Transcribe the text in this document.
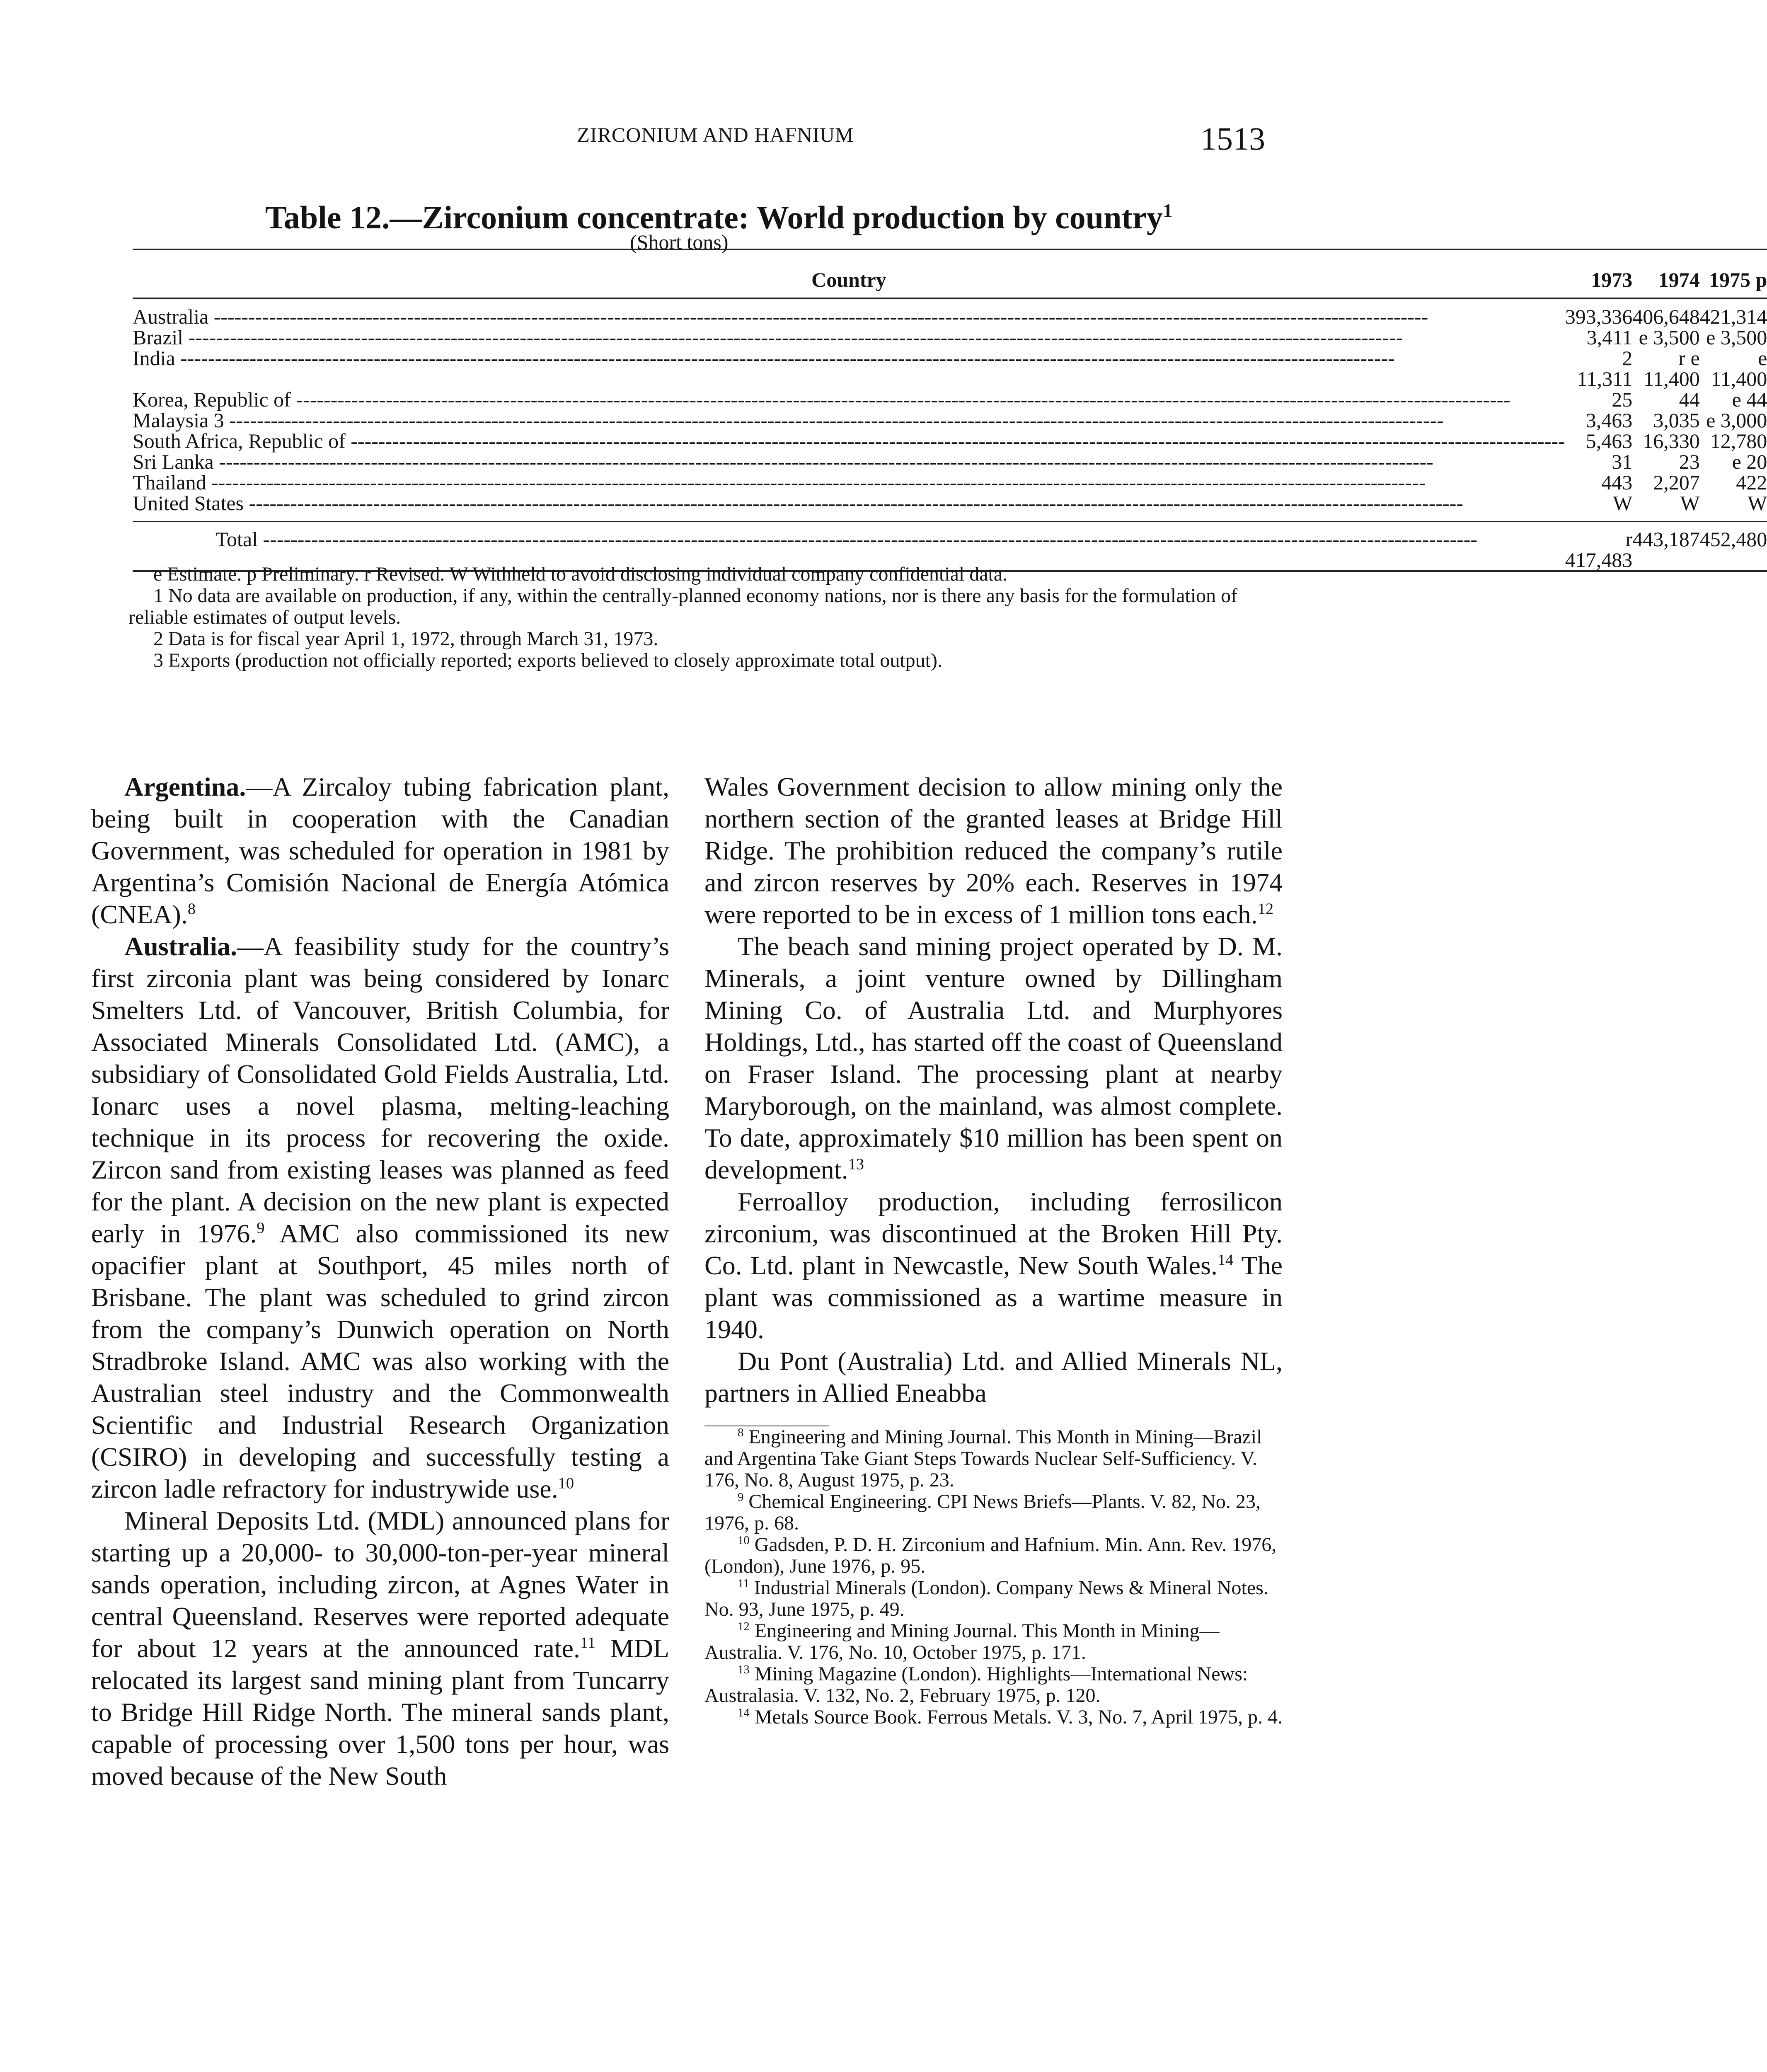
ZIRCONIUM AND HAFNIUM	1513
Table 12.—Zirconium concentrate: World production by country$^1$
(Short tons)
Country	1973	1974	1975 p

Australia -----	393,336	406,648	421,314
Brazil -----	3,411	e 3,500	e 3,500
India -----	2 11,311	r e 11,400	e 11,400
Korea, Republic of -----	25	44	e 44
Malaysia 3 -----	3,463	3,035	e 3,000
South Africa, Republic of -----	5,463	16,330	12,780
Sri Lanka -----	31	23	e 20
Thailand -----	443	2,207	422
United States -----	W	W	W

Total -----	r 417,483	443,187	452,480

e Estimate. p Preliminary. r Revised. W Withheld to avoid disclosing individual company confidential data.

1 No data are available on production, if any, within the centrally-planned economy nations, nor is there any basis for the formulation of reliable estimates of output levels.

2 Data is for fiscal year April 1, 1972, through March 31, 1973.

3 Exports (production not officially reported; exports believed to closely approximate total output).

Argentina.—A Zircaloy tubing fabrication plant, being built in cooperation with the Canadian Government, was scheduled for operation in 1981 by Argentina’s Comisión Nacional de Energía Atómica (CNEA).$^8$

Australia.—A feasibility study for the country’s first zirconia plant was being considered by Ionarc Smelters Ltd. of Vancouver, British Columbia, for Associated Minerals Consolidated Ltd. (AMC), a subsidiary of Consolidated Gold Fields Australia, Ltd. Ionarc uses a novel plasma, melting-leaching technique in its process for recovering the oxide. Zircon sand from existing leases was planned as feed for the plant. A decision on the new plant is expected early in 1976.$^9$ AMC also commissioned its new opacifier plant at Southport, 45 miles north of Brisbane. The plant was scheduled to grind zircon from the company’s Dunwich operation on North Stradbroke Island. AMC was also working with the Australian steel industry and the Commonwealth Scientific and Industrial Research Organization (CSIRO) in developing and successfully testing a zircon ladle refractory for industrywide use.$^{10}$

Mineral Deposits Ltd. (MDL) announced plans for starting up a 20,000- to 30,000-ton-per-year mineral sands operation, including zircon, at Agnes Water in central Queensland. Reserves were reported adequate for about 12 years at the announced rate.$^{11}$ MDL relocated its largest sand mining plant from Tuncarry to Bridge Hill Ridge North. The mineral sands plant, capable of processing over 1,500 tons per hour, was moved because of the New South

Wales Government decision to allow mining only the northern section of the granted leases at Bridge Hill Ridge. The prohibition reduced the company’s rutile and zircon reserves by 20% each. Reserves in 1974 were reported to be in excess of 1 million tons each.$^{12}$

The beach sand mining project operated by D. M. Minerals, a joint venture owned by Dillingham Mining Co. of Australia Ltd. and Murphyores Holdings, Ltd., has started off the coast of Queensland on Fraser Island. The processing plant at nearby Maryborough, on the mainland, was almost complete. To date, approximately $10 million has been spent on development.$^{13}$

Ferroalloy production, including ferrosilicon zirconium, was discontinued at the Broken Hill Pty. Co. Ltd. plant in Newcastle, New South Wales.$^{14}$ The plant was commissioned as a wartime measure in 1940.

Du Pont (Australia) Ltd. and Allied Minerals NL, partners in Allied Eneabba

$^8$ Engineering and Mining Journal. This Month in Mining—Brazil and Argentina Take Giant Steps Towards Nuclear Self-Sufficiency. V. 176, No. 8, August 1975, p. 23.

$^9$ Chemical Engineering. CPI News Briefs—Plants. V. 82, No. 23, 1976, p. 68.

$^{10}$ Gadsden, P. D. H. Zirconium and Hafnium. Min. Ann. Rev. 1976, (London), June 1976, p. 95.

$^{11}$ Industrial Minerals (London). Company News & Mineral Notes. No. 93, June 1975, p. 49.

$^{12}$ Engineering and Mining Journal. This Month in Mining—Australia. V. 176, No. 10, October 1975, p. 171.

$^{13}$ Mining Magazine (London). Highlights—International News: Australasia. V. 132, No. 2, February 1975, p. 120.

$^{14}$ Metals Source Book. Ferrous Metals. V. 3, No. 7, April 1975, p. 4.
